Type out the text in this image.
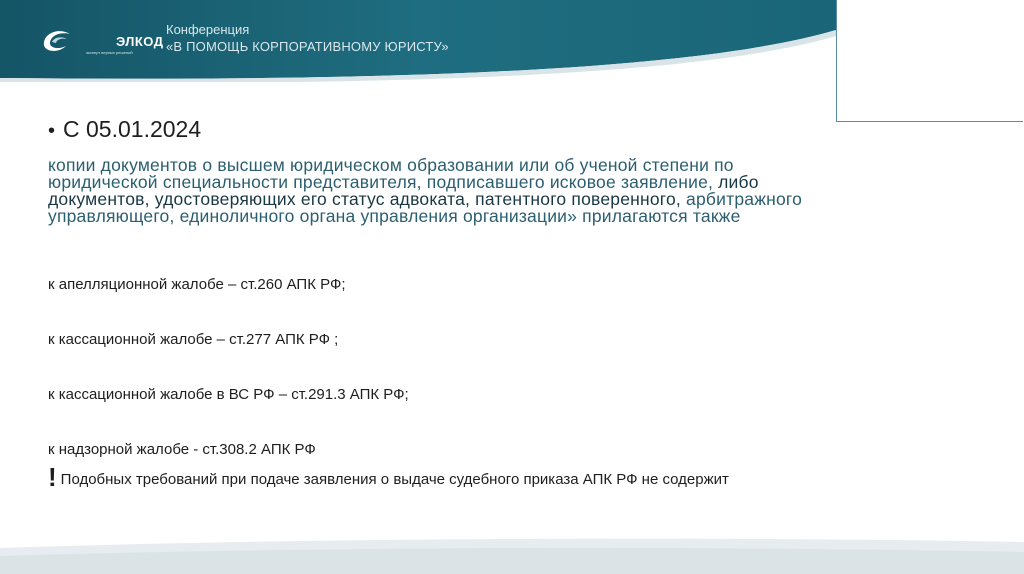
ЭЛКОД
эксперт верных решений
Конференция
«В ПОМОЩЬ КОРПОРАТИВНОМУ ЮРИСТУ»

• С 05.01.2024

копии документов о высшем юридическом образовании или об ученой степени по юридической специальности представителя, подписавшего исковое заявление, либо документов, удостоверяющих его статус адвоката, патентного поверенного, арбитражного управляющего, единоличного органа управления организации» прилагаются также

к апелляционной жалобе – ст.260 АПК РФ;

к кассационной жалобе – ст.277 АПК РФ ;

к кассационной жалобе в ВС РФ – ст.291.3 АПК РФ;

к надзорной жалобе - ст.308.2 АПК РФ

! Подобных требований при подаче заявления о выдаче судебного приказа АПК РФ не содержит
